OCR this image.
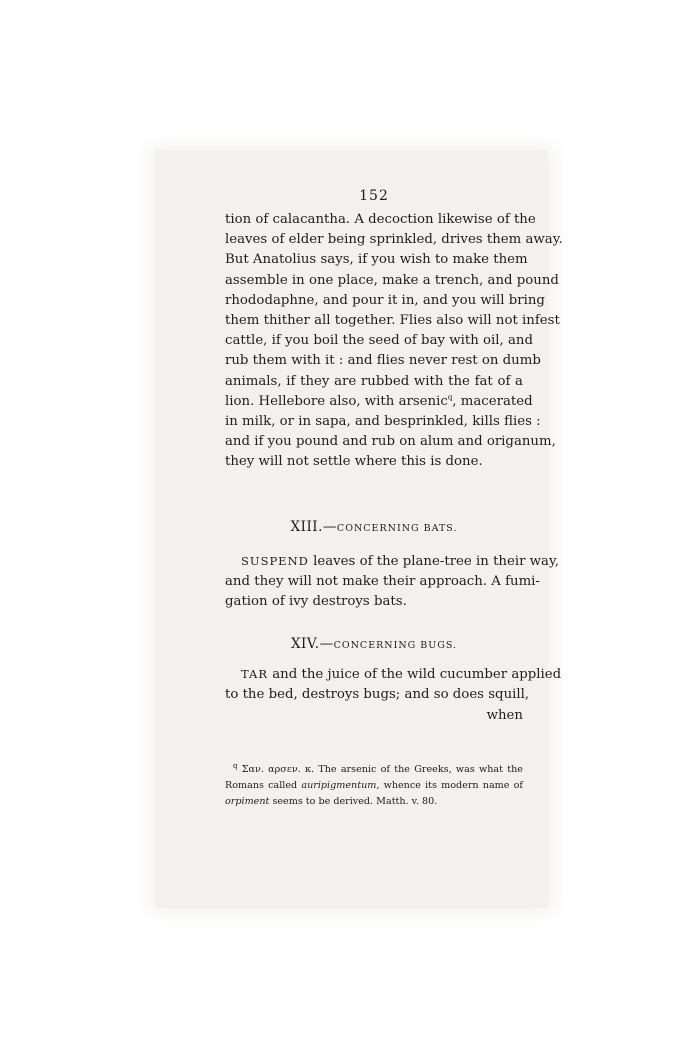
152

tion of calacantha. A decoction likewise of the
leaves of elder being sprinkled, drives them away.
But Anatolius says, if you wish to make them
assemble in one place, make a trench, and pound
rhododaphne, and pour it in, and you will bring
them thither all together. Flies also will not infest
cattle, if you boil the seed of bay with oil, and
rub them with it : and flies never rest on dumb
animals, if they are rubbed with the fat of a
lion. Hellebore also, with arsenic$^q$, macerated
in milk, or in sapa, and besprinkled, kills flies :
and if you pound and rub on alum and origanum,
they will not settle where this is done.

XIII.—CONCERNING BATS.

SUSPEND leaves of the plane-tree in their way,
and they will not make their approach. A fumi-
gation of ivy destroys bats.

XIV.—CONCERNING BUGS.

TAR and the juice of the wild cucumber applied
to the bed, destroys bugs; and so does squill,
when

$^q$ Σαν. αρσεν. κ. The arsenic of the Greeks, was what the
Romans called auripigmentum, whence its modern name of
orpiment seems to be derived. Matth. v. 80.
